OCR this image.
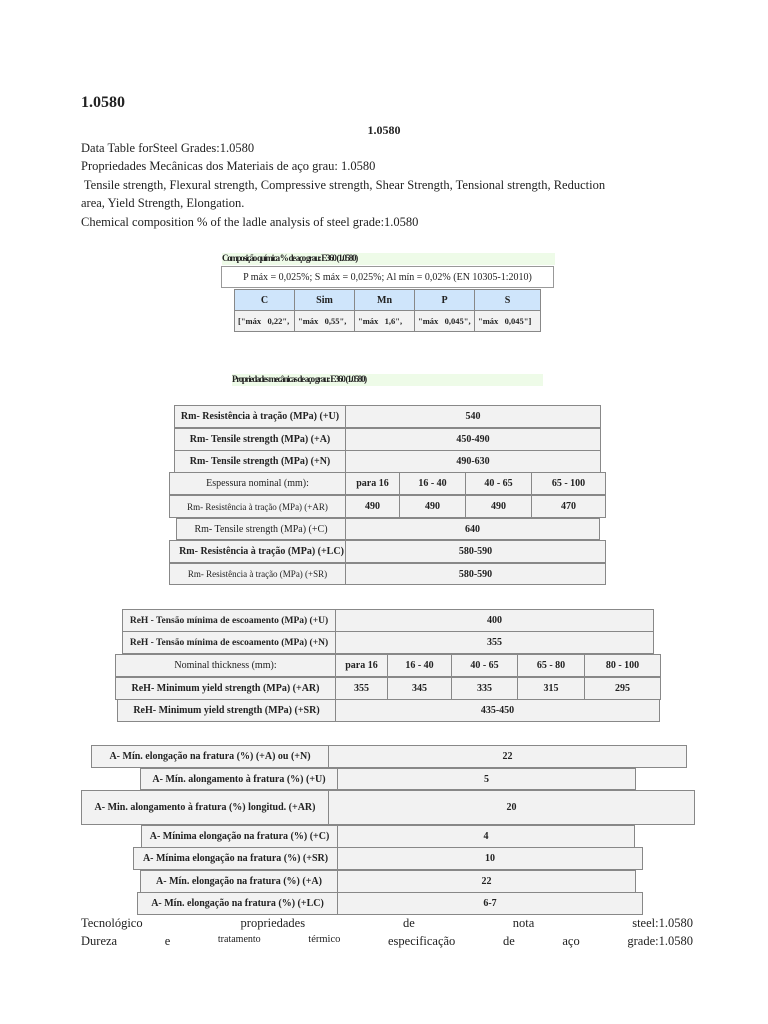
1.0580
1.0580
Data Table forSteel Grades:1.0580
Propriedades Mecânicas dos Materiais de aço grau: 1.0580
Tensile strength, Flexural strength, Compressive strength, Shear Strength, Tensional strength, Reduction
area, Yield Strength, Elongation.
Chemical composition % of the ladle analysis of steel grade:1.0580
Composição química % de aço grau: E360 (1.0580)
P máx = 0,025%; S máx = 0,025%; Al mín = 0,02% (EN 10305-1:2010)
C	Sim	Mn	P	S
["máx   0,22",	"máx   0,55",	"máx   1,6",	"máx   0,045", "máx   0,045"]
Propriedades mecânicas de aço grau: E360 (1.0580)
Rm- Resistência à tração (MPa) (+U)	540
Rm- Tensile strength (MPa) (+A)	450-490
Rm- Tensile strength (MPa) (+N)	490-630
Espessura nominal (mm):	para 16	16 - 40	40 - 65	65 - 100
Rm- Resistência à tração (MPa) (+AR)	490	490	490	470
Rm- Tensile strength (MPa) (+C)	640
Rm- Resistência à tração (MPa) (+LC)	580-590
Rm- Resistência à tração (MPa) (+SR)	580-590
ReH - Tensão mínima de escoamento (MPa) (+U)	400
ReH - Tensão mínima de escoamento (MPa) (+N)	355
Nominal thickness (mm):	para 16	16 - 40	40 - 65	65 - 80	80 - 100
ReH- Minimum yield strength (MPa) (+AR)	355	345	335	315	295
ReH- Minimum yield strength (MPa) (+SR)	435-450
A- Mín. elongação na fratura (%) (+A) ou (+N)	22
A- Mín. alongamento à fratura (%) (+U)	5
A- Min. alongamento à fratura (%) longitud. (+AR)	20
A- Mínima elongação na fratura (%) (+C)	4
A- Mínima elongação na fratura (%) (+SR)	10
A- Mín. elongação na fratura (%) (+A)	22
A- Mín. elongação na fratura (%) (+LC)	6-7
Tecnológico	propriedades	de	nota	steel:1.0580
Dureza	e	tratamento	térmico	especificação	de	aço	grade:1.0580
